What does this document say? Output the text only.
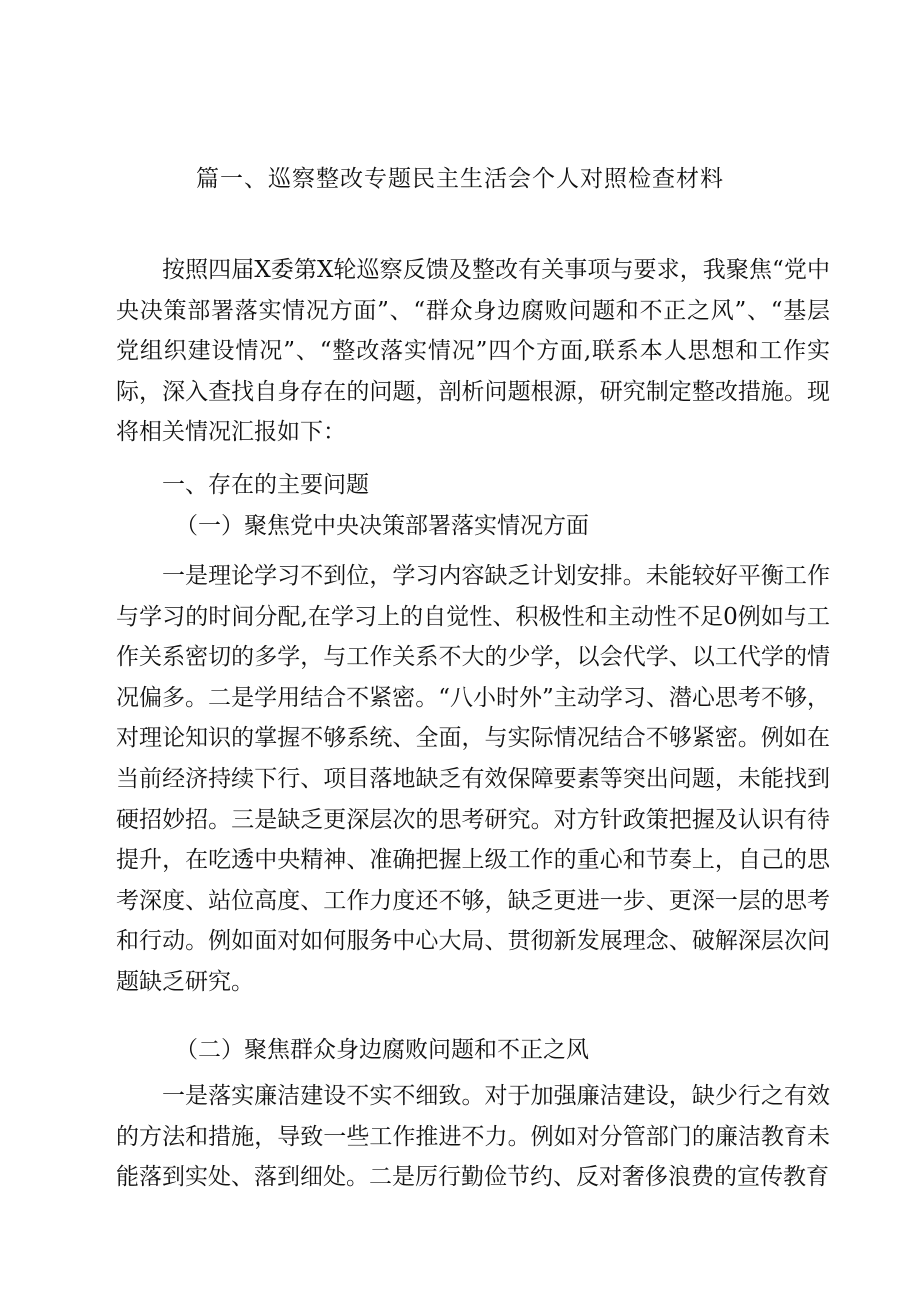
篇一、巡察整改专题民主生活会个人对照检查材料

按照四届X委第X轮巡察反馈及整改有关事项与要求，我聚焦“党中央决策部署落实情况方面”、“群众身边腐败问题和不正之风”、“基层党组织建设情况”、“整改落实情况”四个方面,联系本人思想和工作实际，深入查找自身存在的问题，剖析问题根源，研究制定整改措施。现将相关情况汇报如下：

一、存在的主要问题
（一）聚焦党中央决策部署落实情况方面

一是理论学习不到位，学习内容缺乏计划安排。未能较好平衡工作与学习的时间分配,在学习上的自觉性、积极性和主动性不足0例如与工作关系密切的多学，与工作关系不大的少学，以会代学、以工代学的情况偏多。二是学用结合不紧密。“八小时外”主动学习、潜心思考不够，对理论知识的掌握不够系统、全面，与实际情况结合不够紧密。例如在当前经济持续下行、项目落地缺乏有效保障要素等突出问题，未能找到硬招妙招。三是缺乏更深层次的思考研究。对方针政策把握及认识有待提升，在吃透中央精神、准确把握上级工作的重心和节奏上，自己的思考深度、站位高度、工作力度还不够，缺乏更进一步、更深一层的思考和行动。例如面对如何服务中心大局、贯彻新发展理念、破解深层次问题缺乏研究。

（二）聚焦群众身边腐败问题和不正之风

一是落实廉洁建设不实不细致。对于加强廉洁建设，缺少行之有效的方法和措施，导致一些工作推进不力。例如对分管部门的廉洁教育未能落到实处、落到细处。二是厉行勤俭节约、反对奢侈浪费的宣传教育
